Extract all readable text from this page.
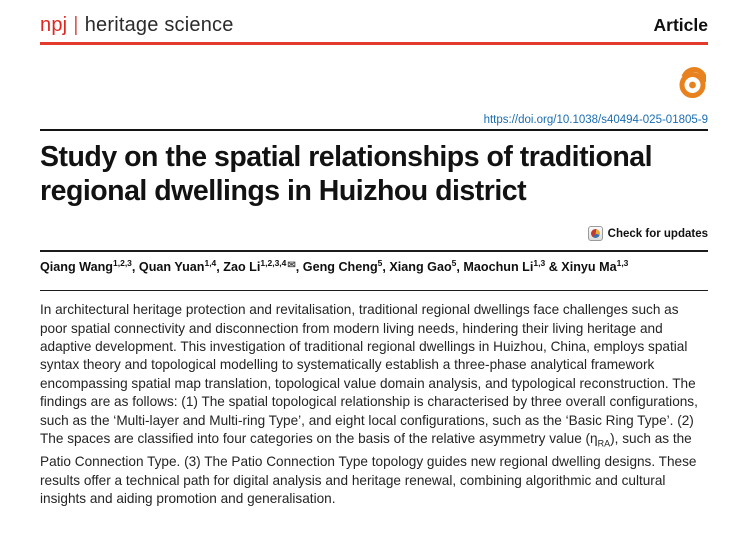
npj | heritage science	Article
https://doi.org/10.1038/s40494-025-01805-9
Study on the spatial relationships of traditional regional dwellings in Huizhou district
Check for updates

Qiang Wang$^{1,2,3}$, Quan Yuan$^{1,4}$, Zao $Li^{1,2,3,4✉}$, Geng Cheng$^5$, Xiang Gao$^5$, Maochun Li$^{1,3}$ & Xinyu Ma$^{1,3}$

In architectural heritage protection and revitalisation, traditional regional dwellings face challenges such as poor spatial connectivity and disconnection from modern living needs, hindering their living heritage and adaptive development. This investigation of traditional regional dwellings in Huizhou, China, employs spatial syntax theory and topological modelling to systematically establish a three-phase analytical framework encompassing spatial map translation, topological value domain analysis, and typological reconstruction. The findings are as follows: (1) The spatial topological relationship is characterised by three overall configurations, such as the ‘Multi-layer and Multi-ring Type’, and eight local configurations, such as the ‘Basic Ring Type’. (2) The spaces are classified into four categories on the basis of the relative asymmetry value $(\eta_{RA})$, such as the Patio Connection Type. (3) The Patio Connection Type topology guides new regional dwelling designs. These results offer a technical path for digital analysis and heritage renewal, combining algorithmic and cultural insights and aiding promotion and generalisation.
